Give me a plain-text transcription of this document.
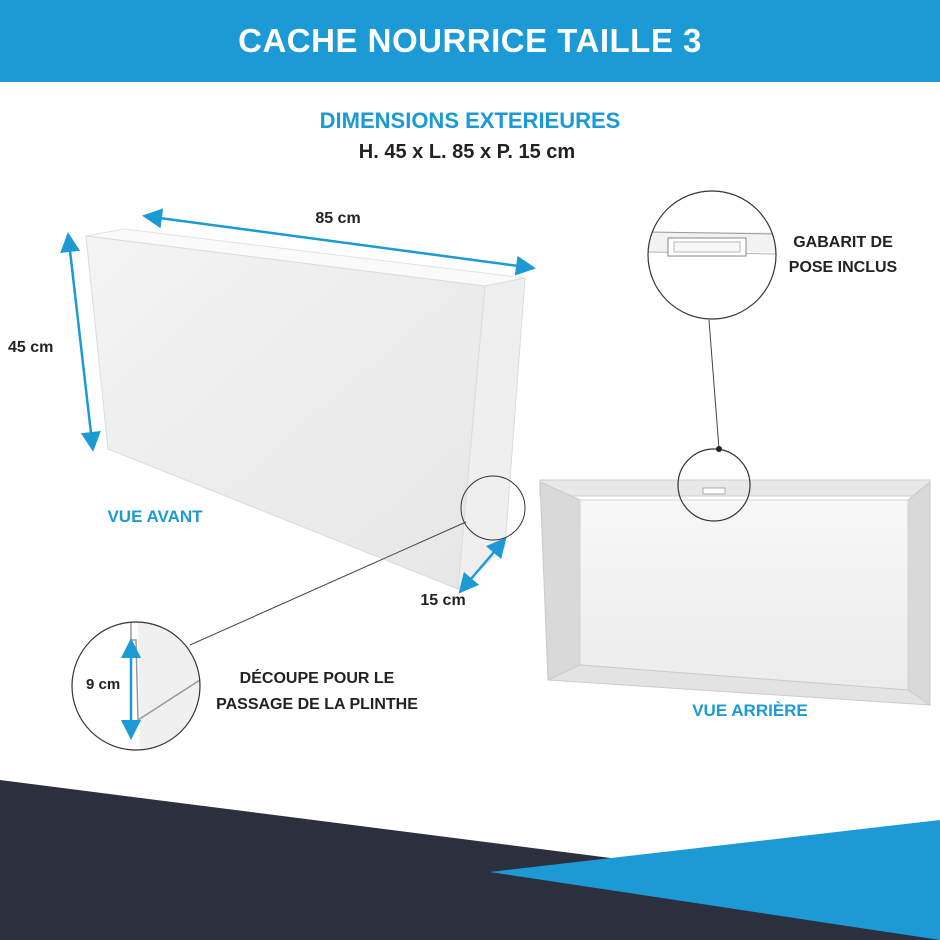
CACHE NOURRICE TAILLE 3
DIMENSIONS EXTERIEURES
H. 45 x L. 85 x P. 15 cm
85 cm
45 cm
15 cm
VUE AVANT
9 cm	DÉCOUPE POUR LE
PASSAGE DE LA PLINTHE
GABARIT DE
POSE INCLUS
VUE ARRIÈRE
